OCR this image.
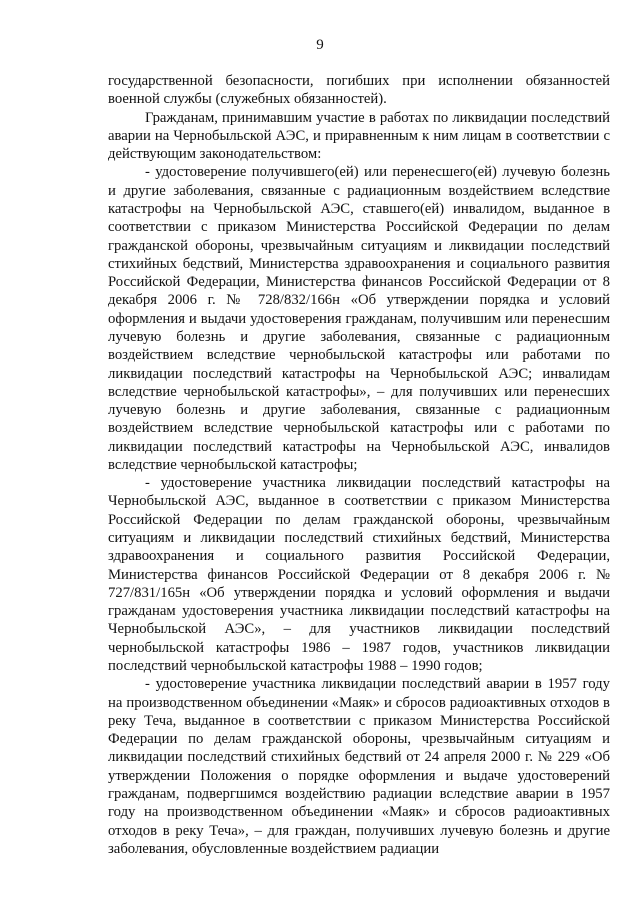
9

государственной безопасности, погибших при исполнении обязанностей военной службы (служебных обязанностей).

Гражданам, принимавшим участие в работах по ликвидации последствий аварии на Чернобыльской АЭС, и приравненным к ним лицам в соответствии с действующим законодательством:

- удостоверение получившего(ей) или перенесшего(ей) лучевую болезнь и другие заболевания, связанные с радиационным воздействием вследствие катастрофы на Чернобыльской АЭС, ставшего(ей) инвалидом, выданное в соответствии с приказом Министерства Российской Федерации по делам гражданской обороны, чрезвычайным ситуациям и ликвидации последствий стихийных бедствий, Министерства здравоохранения и социального развития Российской Федерации, Министерства финансов Российской Федерации от 8 декабря 2006 г. № 728/832/166н «Об утверждении порядка и условий оформления и выдачи удостоверения гражданам, получившим или перенесшим лучевую болезнь и другие заболевания, связанные с радиационным воздействием вследствие чернобыльской катастрофы или работами по ликвидации последствий катастрофы на Чернобыльской АЭС; инвалидам вследствие чернобыльской катастрофы», – для получивших или перенесших лучевую болезнь и другие заболевания, связанные с радиационным воздействием вследствие чернобыльской катастрофы или с работами по ликвидации последствий катастрофы на Чернобыльской АЭС, инвалидов вследствие чернобыльской катастрофы;

- удостоверение участника ликвидации последствий катастрофы на Чернобыльской АЭС, выданное в соответствии с приказом Министерства Российской Федерации по делам гражданской обороны, чрезвычайным ситуациям и ликвидации последствий стихийных бедствий, Министерства здравоохранения и социального развития Российской Федерации, Министерства финансов Российской Федерации от 8 декабря 2006 г. № 727/831/165н «Об утверждении порядка и условий оформления и выдачи гражданам удостоверения участника ликвидации последствий катастрофы на Чернобыльской АЭС», – для участников ликвидации последствий чернобыльской катастрофы 1986 – 1987 годов, участников ликвидации последствий чернобыльской катастрофы 1988 – 1990 годов;

- удостоверение участника ликвидации последствий аварии в 1957 году на производственном объединении «Маяк» и сбросов радиоактивных отходов в реку Теча, выданное в соответствии с приказом Министерства Российской Федерации по делам гражданской обороны, чрезвычайным ситуациям и ликвидации последствий стихийных бедствий от 24 апреля 2000 г. № 229 «Об утверждении Положения о порядке оформления и выдаче удостоверений гражданам, подвергшимся воздействию радиации вследствие аварии в 1957 году на производственном объединении «Маяк» и сбросов радиоактивных отходов в реку Теча», – для граждан, получивших лучевую болезнь и другие заболевания, обусловленные воздействием радиации
